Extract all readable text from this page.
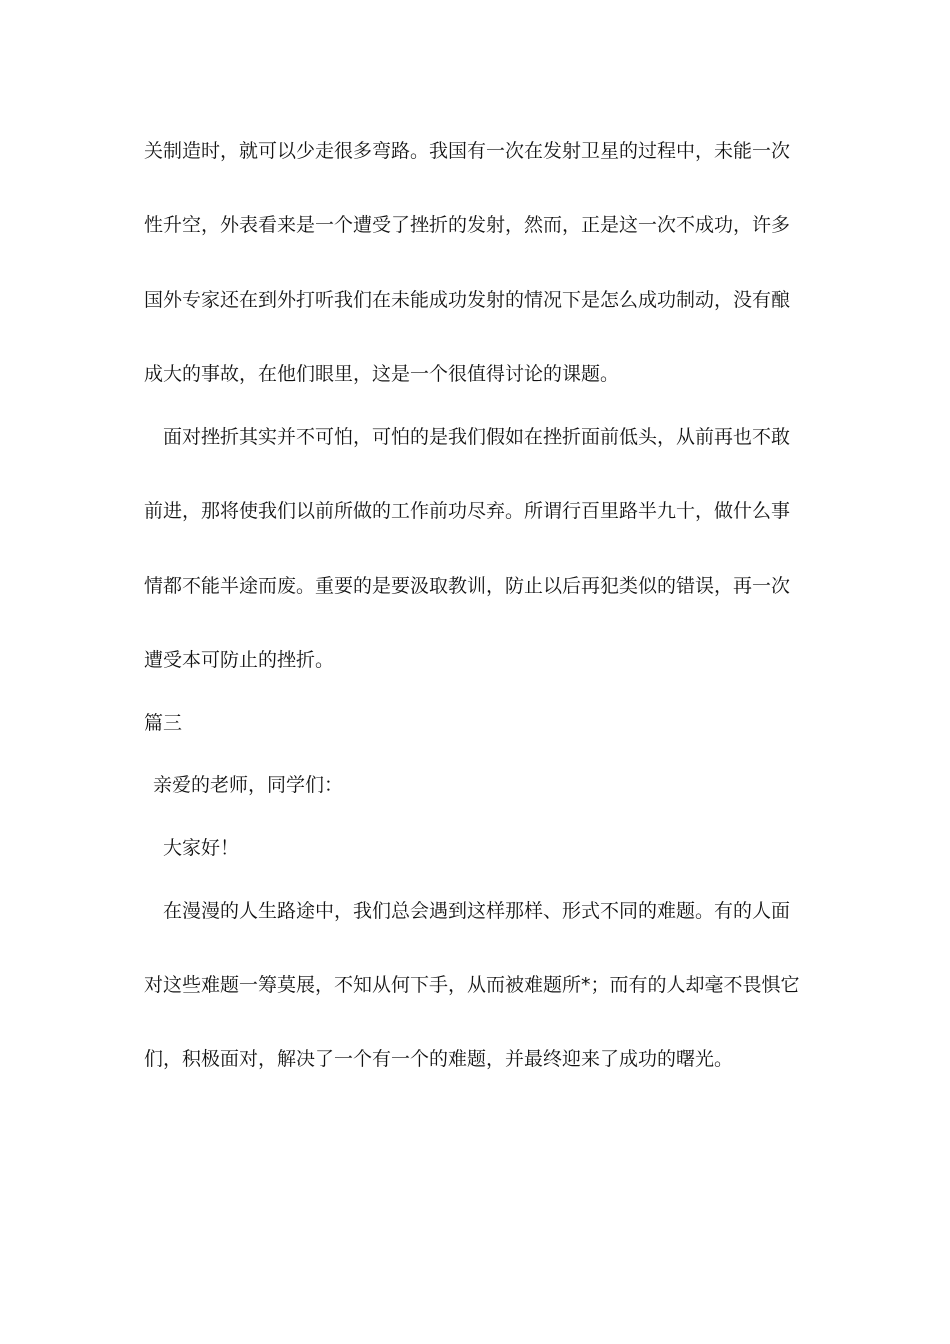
关制造时，就可以少走很多弯路。我国有一次在发射卫星的过程中，未能一次
性升空，外表看来是一个遭受了挫折的发射，然而，正是这一次不成功，许多
国外专家还在到外打听我们在未能成功发射的情况下是怎么成功制动，没有酿
成大的事故，在他们眼里，这是一个很值得讨论的课题。
面对挫折其实并不可怕，可怕的是我们假如在挫折面前低头，从前再也不敢
前进，那将使我们以前所做的工作前功尽弃。所谓行百里路半九十，做什么事
情都不能半途而废。重要的是要汲取教训，防止以后再犯类似的错误，再一次
遭受本可防止的挫折。
篇三
亲爱的老师，同学们：
大家好！
在漫漫的人生路途中，我们总会遇到这样那样、形式不同的难题。有的人面
对这些难题一筹莫展，不知从何下手，从而被难题所*；而有的人却毫不畏惧它
们，积极面对，解决了一个有一个的难题，并最终迎来了成功的曙光。
